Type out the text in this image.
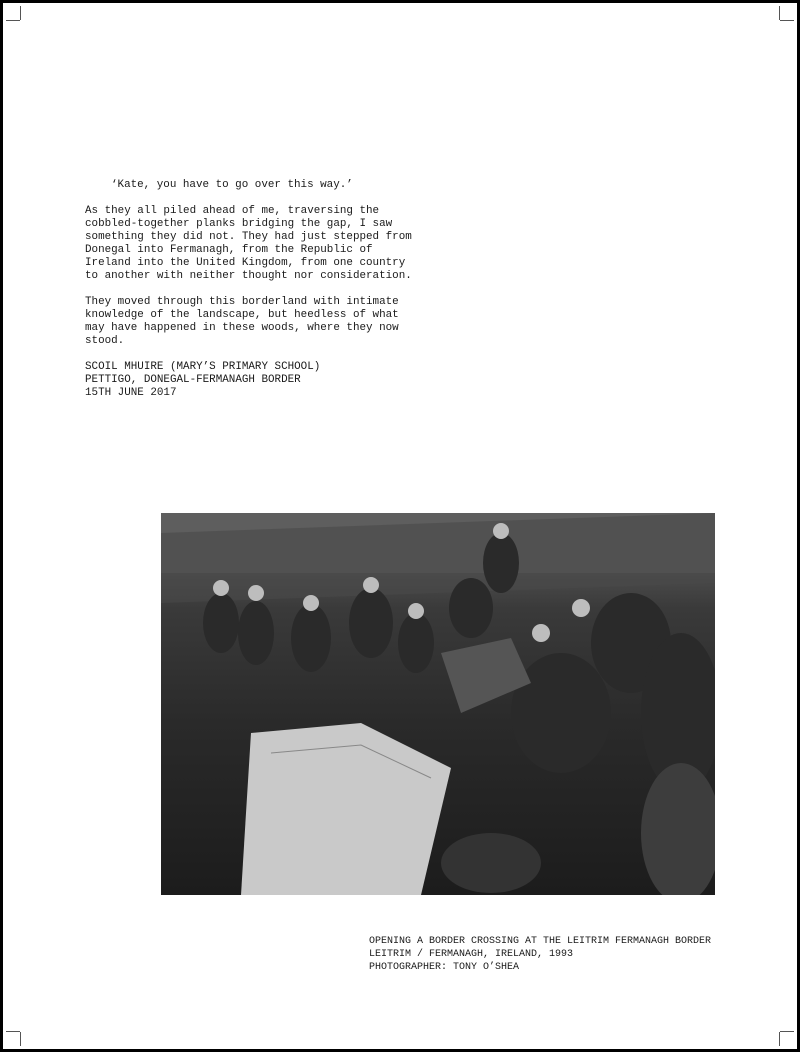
‘Kate, you have to go over this way.’

As they all piled ahead of me, traversing the cobbled-together planks bridging the gap, I saw something they did not. They had just stepped from Donegal into Fermanagh, from the Republic of Ireland into the United Kingdom, from one country to another with neither thought nor consideration.

They moved through this borderland with intimate knowledge of the landscape, but heedless of what may have happened in these woods, where they now stood.

SCOIL MHUIRE (MARY’S PRIMARY SCHOOL)
PETTIGO, DONEGAL-FERMANAGH BORDER
15TH JUNE 2017
OPENING A BORDER CROSSING AT THE LEITRIM FERMANAGH BORDER
LEITRIM / FERMANAGH, IRELAND, 1993
PHOTOGRAPHER: TONY O’SHEA
